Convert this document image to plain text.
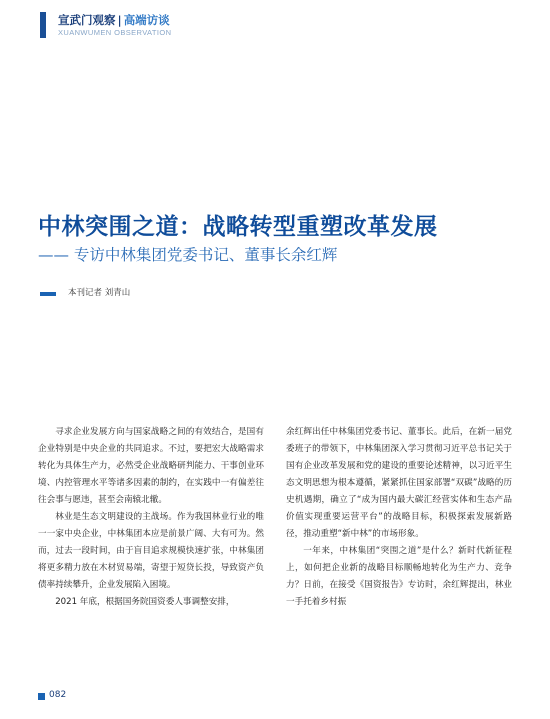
宣武门观察 | 高端访谈
XUANWUMEN OBSERVATION
中林突围之道：战略转型重塑改革发展
—— 专访中林集团党委书记、董事长余红辉
本刊记者 刘青山

寻求企业发展方向与国家战略之间的有效结合，是国有企业特别是中央企业的共同追求。不过，要把宏大战略需求转化为具体生产力，必然受企业战略研判能力、干事创业环境、内控管理水平等诸多因素的制约，在实践中一有偏差往往会事与愿违，甚至会南辕北辙。

林业是生态文明建设的主战场。作为我国林业行业的唯一一家中央企业，中林集团本应是前景广阔、大有可为。然而，过去一段时间，由于盲目追求规模快速扩张，中林集团将更多精力放在木材贸易端，寄望于短贷长投，导致资产负债率持续攀升，企业发展陷入困境。

2021 年底，根据国务院国资委人事调整安排，

余红辉出任中林集团党委书记、董事长。此后，在新一届党委班子的带领下，中林集团深入学习贯彻习近平总书记关于国有企业改革发展和党的建设的重要论述精神，以习近平生态文明思想为根本遵循，紧紧抓住国家部署“双碳”战略的历史机遇期，确立了“成为国内最大碳汇经营实体和生态产品价值实现重要运营平台”的战略目标，积极探索发展新路径，推动重塑“新中林”的市场形象。

一年来，中林集团“突围之道”是什么？新时代新征程上，如何把企业新的战略目标顺畅地转化为生产力、竞争力？日前，在接受《国资报告》专访时，余红辉提出，林业一手托着乡村振

082
